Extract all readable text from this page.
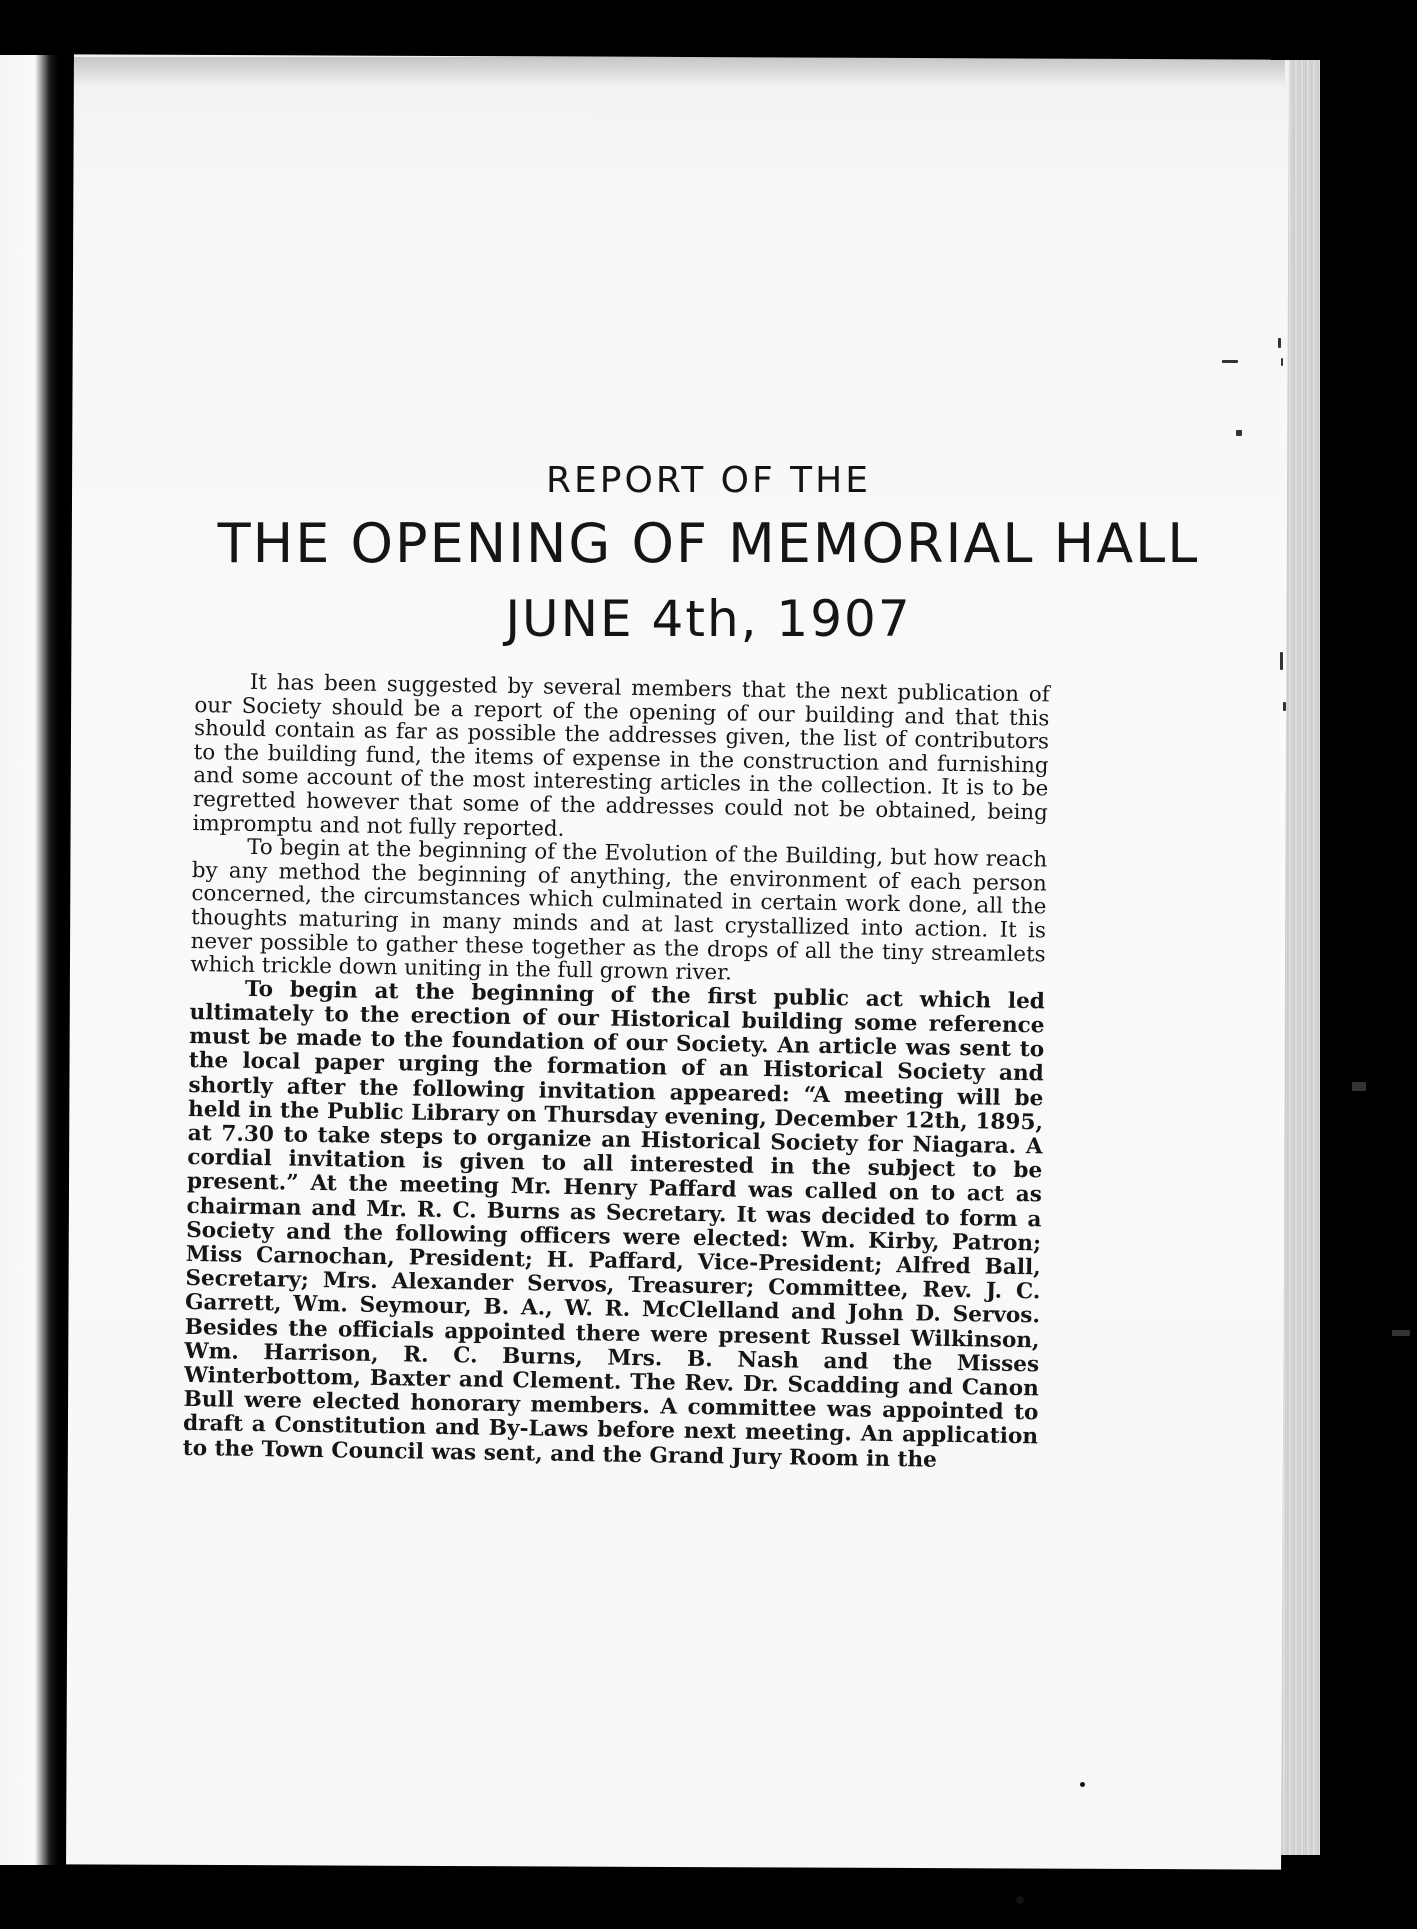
REPORT OF THE
THE OPENING OF MEMORIAL HALL
JUNE 4th, 1907

It has been suggested by several members that the next publication of our Society should be a report of the opening of our building and that this should contain as far as possible the addresses given, the list of contributors to the building fund, the items of expense in the construction and furnishing and some account of the most interesting articles in the collection. It is to be regretted however that some of the addresses could not be obtained, being impromptu and not fully reported.

To begin at the beginning of the Evolution of the Building, but how reach by any method the beginning of anything, the environment of each person concerned, the circumstances which culminated in certain work done, all the thoughts maturing in many minds and at last crystallized into action. It is never possible to gather these together as the drops of all the tiny streamlets which trickle down uniting in the full grown river.

To begin at the beginning of the first public act which led ultimately to the erection of our Historical building some reference must be made to the foundation of our Society. An article was sent to the local paper urging the formation of an Historical Society and shortly after the following invitation appeared: “A meeting will be held in the Public Library on Thursday evening, December 12th, 1895, at 7.30 to take steps to organize an Historical Society for Niagara. A cordial invitation is given to all interested in the subject to be present.” At the meeting Mr. Henry Paffard was called on to act as chairman and Mr. R. C. Burns as Secretary. It was decided to form a Society and the following officers were elected: Wm. Kirby, Patron; Miss Carnochan, President; H. Paffard, Vice-President; Alfred Ball, Secretary; Mrs. Alexander Servos, Treasurer; Committee, Rev. J. C. Garrett, Wm. Seymour, B. A., W. R. McClelland and John D. Servos. Besides the officials appointed there were present Russel Wilkinson, Wm. Harrison, R. C. Burns, Mrs. B. Nash and the Misses Winterbottom, Baxter and Clement. The Rev. Dr. Scadding and Canon Bull were elected honorary members. A committee was appointed to draft a Constitution and By-Laws before next meeting. An application to the Town Council was sent, and the Grand Jury Room in the
